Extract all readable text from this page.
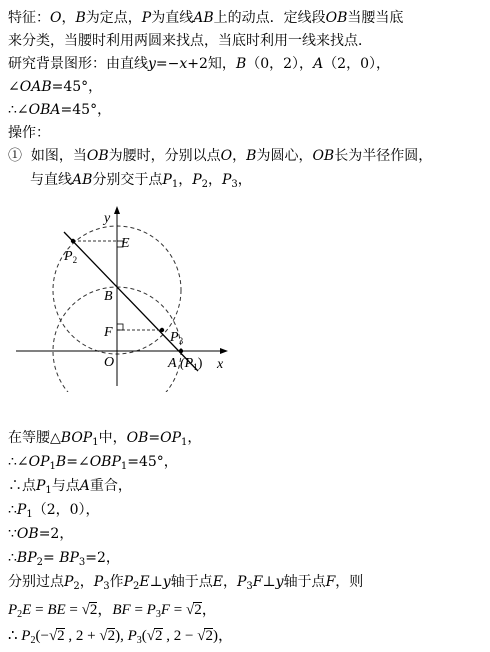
特征：O，B为定点，P为直线AB上的动点．定线段OB当腰当底
来分类，当腰时利用两圆来找点，当底时利用一线来找点．
研究背景图形：由直线y=−x+2知，B（0，2），A（2，0），
∠OAB=45°，
∴∠OBA=45°，
操作：
①  如图，当OB为腰时，分别以点O，B为圆心，OB长为半径作圆，
与直线AB分别交于点$P_1$，$P_2$，$P_3$，
y
x
O	A $(P_1)$
B
E
F
$P_2$
$P_3$
在等腰$\triangle BOP_1$中，$OB=OP_1$，
$\therefore\angle OP_1B=\angle OBP_1=45^\circ$，
∴点$P_1$与点A重合，
$\therefore P_1(2$，0），
∵OB=2，
$\therefore BP_2= BP_3=2$，
分别过点$P_2$，$P_3$作$P_2E\perp y$轴于点E，$P_3F\perp y$轴于点F，则
$P_2E$ = BE = √2，BF = $P_3F = √2$，
∴ $P_2(-√2$ , 2 + √2), $P_3(√2$ , 2 − √2)，
